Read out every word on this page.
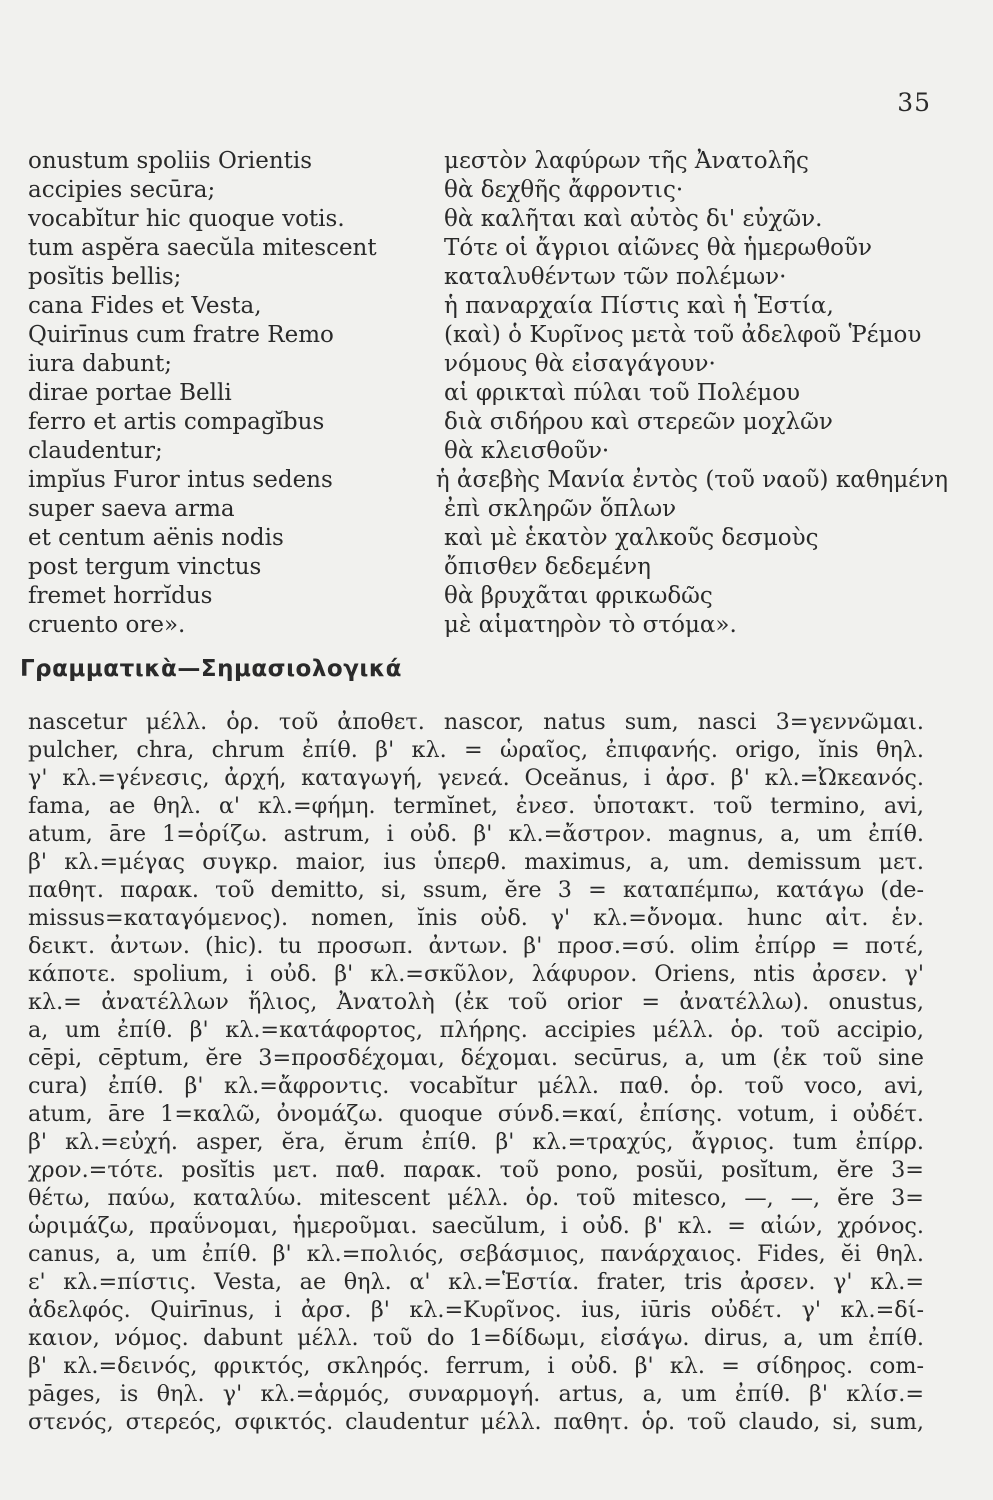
35
onustum spoliis Orientis	μεστὸν λαφύρων τῆς Ἀνατολῆς
accipies secūra;	θὰ δεχθῆς ἄφροντις·
vocabĭtur hic quoque votis.	θὰ καλῆται καὶ αὐτὸς δι' εὐχῶν.
tum aspĕra saecŭla mitescent	Τότε οἱ ἄγριοι αἰῶνες θὰ ἡμερωθοῦν
posĭtis bellis;	καταλυθέντων τῶν πολέμων·
cana Fides et Vesta,	ἡ παναρχαία Πίστις καὶ ἡ Ἑστία,
Quirīnus cum fratre Remo	(καὶ) ὁ Κυρῖνος μετὰ τοῦ ἀδελφοῦ Ῥέμου
iura dabunt;	νόμους θὰ εἰσαγάγουν·
dirae portae Belli	αἱ φρικταὶ πύλαι τοῦ Πολέμου
ferro et artis compagĭbus	διὰ σιδήρου καὶ στερεῶν μοχλῶν
claudentur;	θὰ κλεισθοῦν·
impĭus Furor intus sedens	ἡ ἀσεβὴς Μανία ἐντὸς (τοῦ ναοῦ) καθημένη
super saeva arma	ἐπὶ σκληρῶν ὅπλων
et centum aënis nodis	καὶ μὲ ἑκατὸν χαλκοῦς δεσμοὺς
post tergum vinctus	ὄπισθεν δεδεμένη
fremet horrĭdus	θὰ βρυχᾶται φρικωδῶς
cruento ore».	μὲ αἱματηρὸν τὸ στόμα».
Γραμματικὰ—Σημασιολογικά
nascetur μέλλ. ὁρ. τοῦ ἀποθετ. nascor, natus sum, nasci 3=γεννῶμαι.
pulcher, chra, chrum ἐπίθ. β' κλ. = ὡραῖος, ἐπιφανής. origo, ĭnis θηλ.
γ' κλ.=γένεσις, ἀρχή, καταγωγή, γενεά. Oceănus, i ἀρσ. β' κλ.=Ὠκεανός.
fama, ae θηλ. α' κλ.=φήμη. termĭnet, ἐνεσ. ὑποτακτ. τοῦ termino, avi,
atum, āre 1=ὁρίζω. astrum, i οὐδ. β' κλ.=ἄστρον. magnus, a, um ἐπίθ.
β' κλ.=μέγας συγκρ. maior, ius ὑπερθ. maximus, a, um. demissum μετ.
παθητ. παρακ. τοῦ demitto, si, ssum, ĕre 3 = καταπέμπω, κατάγω (de-
missus=καταγόμενος). nomen, ĭnis οὐδ. γ' κλ.=ὄνομα. hunc αἰτ. ἑν.
δεικτ. ἀντων. (hic). tu προσωπ. ἀντων. β' προσ.=σύ. olim ἐπίρρ = ποτέ,
κάποτε. spolium, i οὐδ. β' κλ.=σκῦλον, λάφυρον. Oriens, ntis ἀρσεν. γ'
κλ.= ἀνατέλλων ἥλιος, Ἀνατολὴ (ἐκ τοῦ orior = ἀνατέλλω). onustus,
a, um ἐπίθ. β' κλ.=κατάφορτος, πλήρης. accipies μέλλ. ὁρ. τοῦ accipio,
cēpi, cēptum, ĕre 3=προσδέχομαι, δέχομαι. secūrus, a, um (ἐκ τοῦ sine
cura) ἐπίθ. β' κλ.=ἄφροντις. vocabĭtur μέλλ. παθ. ὁρ. τοῦ voco, avi,
atum, āre 1=καλῶ, ὀνομάζω. quoque σύνδ.=καί, ἐπίσης. votum, i οὐδέτ.
β' κλ.=εὐχή. asper, ĕra, ĕrum ἐπίθ. β' κλ.=τραχύς, ἄγριος. tum ἐπίρρ.
χρον.=τότε. posĭtis μετ. παθ. παρακ. τοῦ pono, posŭi, posĭtum, ĕre 3=
θέτω, παύω, καταλύω. mitescent μέλλ. ὁρ. τοῦ mitesco, —, —, ĕre 3=
ὡριμάζω, πραΰνομαι, ἡμεροῦμαι. saecŭlum, i οὐδ. β' κλ. = αἰών, χρόνος.
canus, a, um ἐπίθ. β' κλ.=πολιός, σεβάσμιος, πανάρχαιος. Fides, ĕi θηλ.
ε' κλ.=πίστις. Vesta, ae θηλ. α' κλ.=Ἑστία. frater, tris ἀρσεν. γ' κλ.=
ἀδελφός. Quirīnus, i ἀρσ. β' κλ.=Κυρῖνος. ius, iūris οὐδέτ. γ' κλ.=δί-
καιον, νόμος. dabunt μέλλ. τοῦ do 1=δίδωμι, εἰσάγω. dirus, a, um ἐπίθ.
β' κλ.=δεινός, φρικτός, σκληρός. ferrum, i οὐδ. β' κλ. = σίδηρος. com-
pāges, is θηλ. γ' κλ.=ἁρμός, συναρμογή. artus, a, um ἐπίθ. β' κλίσ.=
στενός, στερεός, σφικτός. claudentur μέλλ. παθητ. ὁρ. τοῦ claudo, si, sum,
